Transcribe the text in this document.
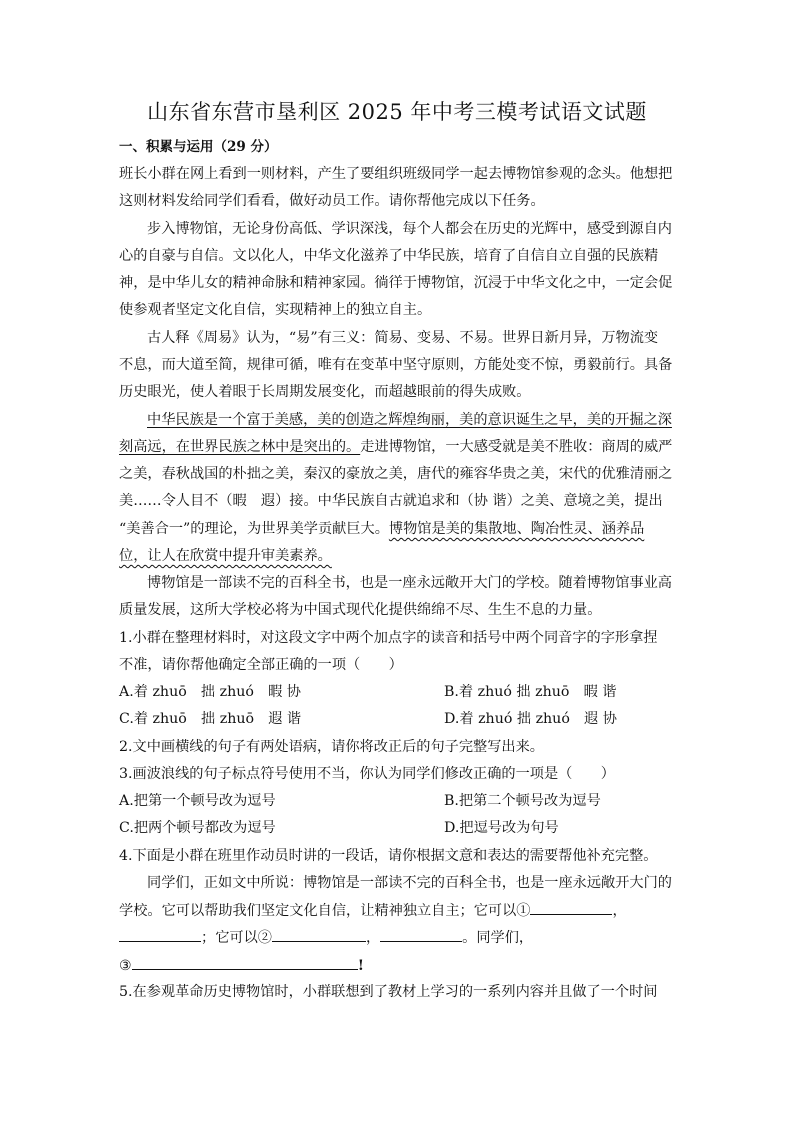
山东省东营市垦利区 2025 年中考三模考试语文试题
一、积累与运用（29 分）
班长小群在网上看到一则材料，产生了要组织班级同学一起去博物馆参观的念头。他想把
这则材料发给同学们看看，做好动员工作。请你帮他完成以下任务。
步入博物馆，无论身份高低、学识深浅，每个人都会在历史的光辉中，感受到源自内
心的自豪与自信。文以化人，中华文化滋养了中华民族，培育了自信自立自强的民族精
神，是中华儿女的精神命脉和精神家园。徜徉于博物馆，沉浸于中华文化之中，一定会促
使参观者坚定文化自信，实现精神上的独立自主。
古人释《周易》认为，“易”有三义：简易、变易、不易。世界日新月异，万物流变
不息，而大道至简，规律可循，唯有在变革中坚守原则，方能处变不惊，勇毅前行。具备
历史眼光，使人着眼于长周期发展变化，而超越眼前的得失成败。
中华民族是一个富于美感，美的创造之辉煌绚丽，美的意识诞生之早，美的开掘之深
刻高远，在世界民族之林中是突出的。走进博物馆，一大感受就是美不胜收：商周的威严
之美，春秋战国的朴拙之美，秦汉的豪放之美，唐代的雍容华贵之美，宋代的优雅清丽之
美……令人目不（暇　遐）接。中华民族自古就追求和（协 谐）之美、意境之美，提出
“美善合一”的理论，为世界美学贡献巨大。博物馆是美的集散地、陶冶性灵、涵养品
位，让人在欣赏中提升审美素养。
博物馆是一部读不完的百科全书，也是一座永远敞开大门的学校。随着博物馆事业高
质量发展，这所大学校必将为中国式现代化提供绵绵不尽、生生不息的力量。
1.小群在整理材料时，对这段文字中两个加点字的读音和括号中两个同音字的字形拿捏
不准，请你帮他确定全部正确的一项（　　）
A.着 zhuō　拙 zhuó　暇 协	B.着 zhuó 拙 zhuō　暇 谐
C.着 zhuō　拙 zhuō　遐 谐	D.着 zhuó 拙 zhuó　遐 协
2.文中画横线的句子有两处语病，请你将改正后的句子完整写出来。
3.画波浪线的句子标点符号使用不当，你认为同学们修改正确的一项是（　　）
A.把第一个顿号改为逗号	B.把第二个顿号改为逗号
C.把两个顿号都改为逗号	D.把逗号改为句号
4.下面是小群在班里作动员时讲的一段话，请你根据文意和表达的需要帮他补充完整。
同学们，正如文中所说：博物馆是一部读不完的百科全书，也是一座永远敞开大门的
学校。它可以帮助我们坚定文化自信，让精神独立自主；它可以①	，
；它可以②	，	。同学们，
③	!
5.在参观革命历史博物馆时，小群联想到了教材上学习的一系列内容并且做了一个时间
